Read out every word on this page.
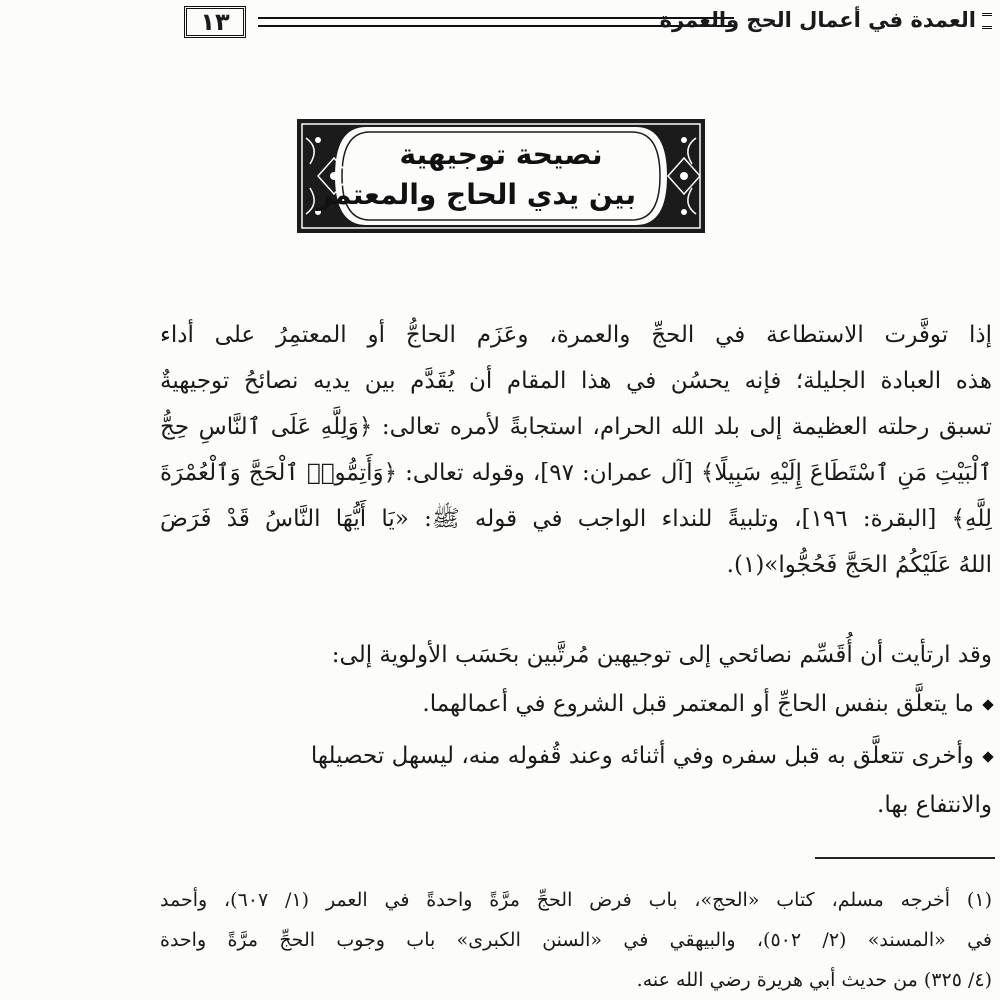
١٣	العمدة في أعمال الحج والعمرة
نصيحة توجيهية
بين يدي الحاج والمعتمر
إذا توفَّرت الاستطاعة في الحجِّ والعمرة، وعَزَم الحاجُّ أو المعتمِرُ على أداء
هذه العبادة الجليلة؛ فإنه يحسُن في هذا المقام أن يُقَدَّم بين يديه نصائحُ توجيهيةٌ
تسبق رحلته العظيمة إلى بلد الله الحرام، استجابةً لأمره تعالى: ﴿وَلِلَّهِ عَلَى ٱلنَّاسِ حِجُّ
ٱلْبَيْتِ مَنِ ٱسْتَطَاعَ إِلَيْهِ سَبِيلًا﴾ [آل عمران: ٩٧]، وقوله تعالى: ﴿وَأَتِمُّوا۟ ٱلْحَجَّ وَٱلْعُمْرَةَ
لِلَّهِ﴾ [البقرة: ١٩٦]، وتلبيةً للنداء الواجب في قوله ﷺ: «يَا أَيُّهَا النَّاسُ قَدْ فَرَضَ
اللهُ عَلَيْكُمُ الحَجَّ فَحُجُّوا»(١).
وقد ارتأيت أن أُقَسِّم نصائحي إلى توجيهين مُرتَّبين بحَسَب الأولوية إلى:
ما يتعلَّق بنفس الحاجِّ أو المعتمر قبل الشروع في أعمالهما.
وأخرى تتعلَّق به قبل سفره وفي أثنائه وعند قُفوله منه، ليسهل تحصيلها
والانتفاع بها.
(١) أخرجه مسلم، كتاب «الحج»، باب فرض الحجِّ مرَّةً واحدةً في العمر (١/ ٦٠٧)، وأحمد
في «المسند» (٢/ ٥٠٢)، والبيهقي في «السنن الكبرى» باب وجوب الحجِّ مرَّةً واحدة
(٤/ ٣٢٥) من حديث أبي هريرة رضي الله عنه.
